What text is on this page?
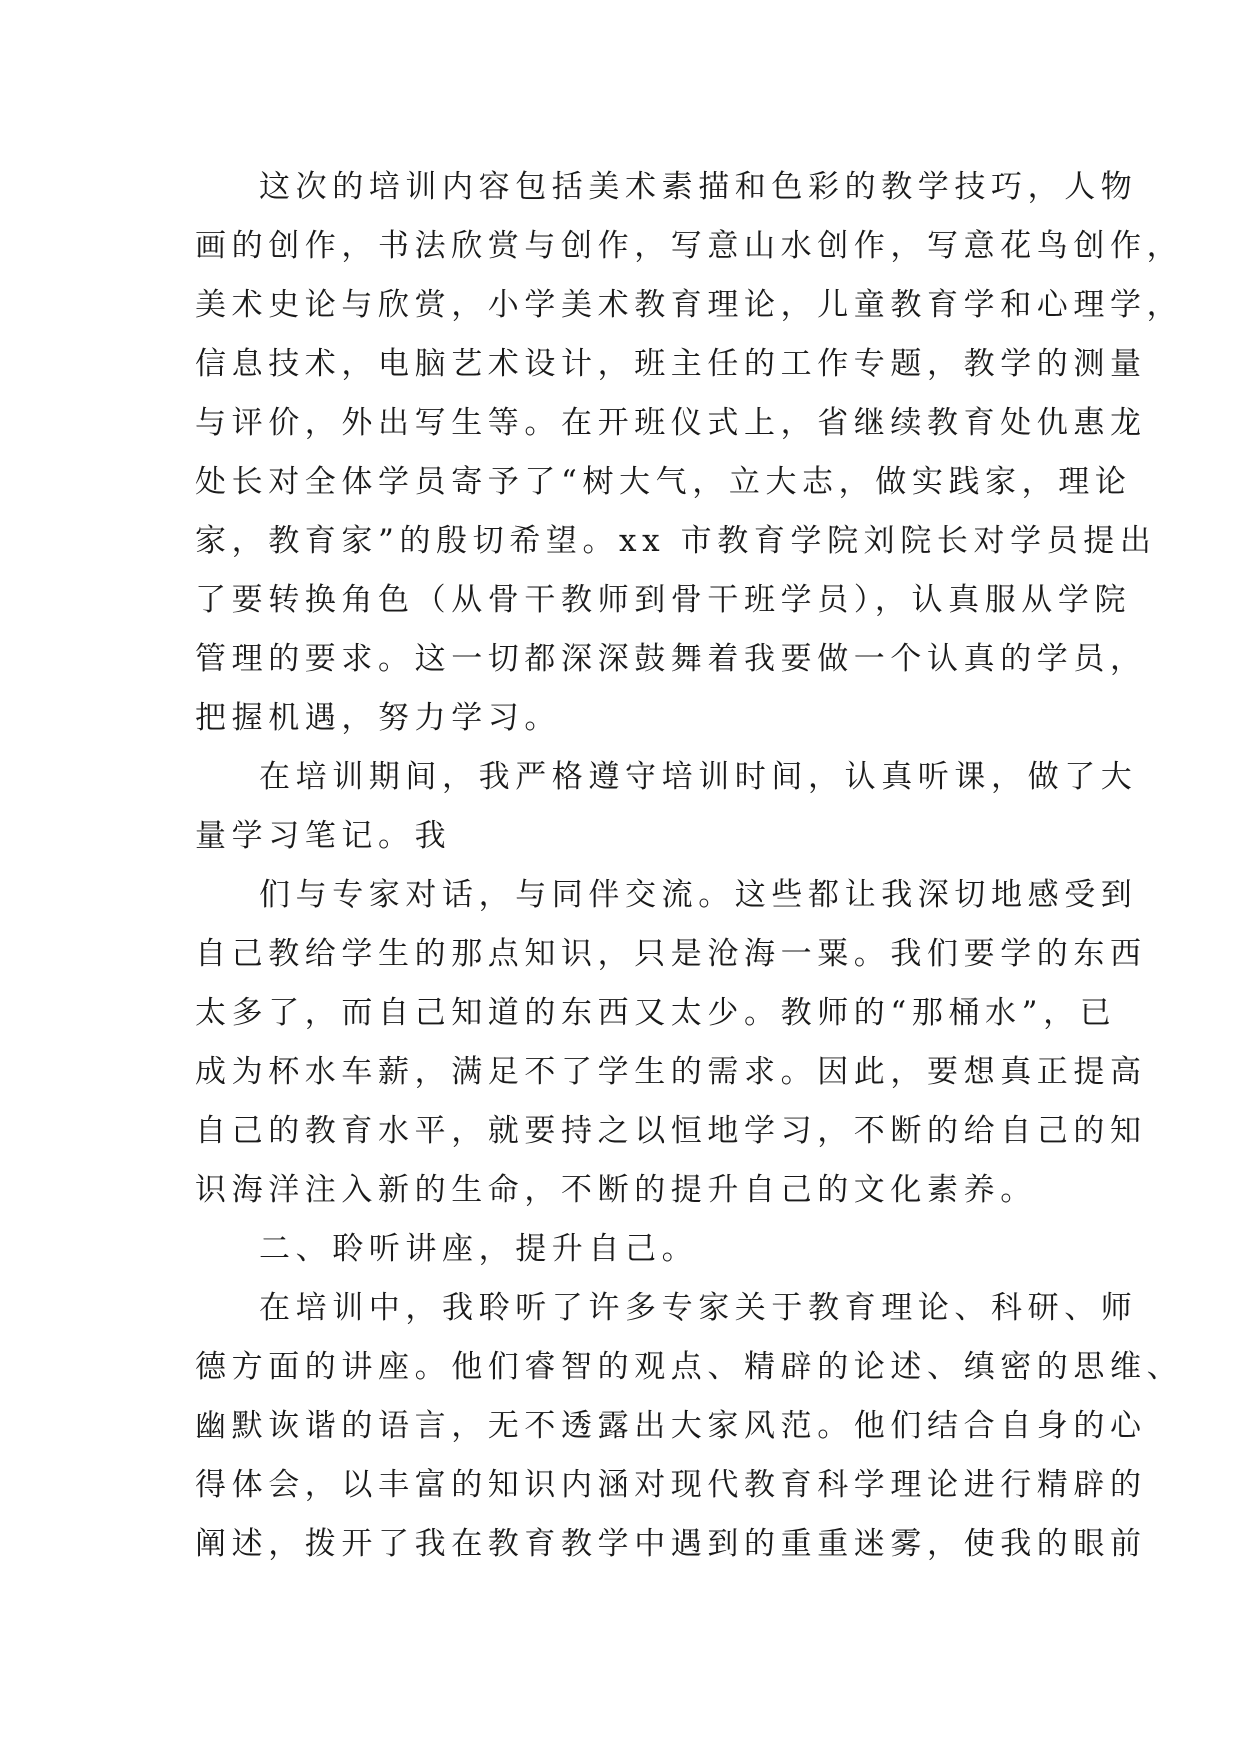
这次的培训内容包括美术素描和色彩的教学技巧，人物
画的创作，书法欣赏与创作，写意山水创作，写意花鸟创作，
美术史论与欣赏，小学美术教育理论，儿童教育学和心理学，
信息技术，电脑艺术设计，班主任的工作专题，教学的测量
与评价，外出写生等。在开班仪式上，省继续教育处仇惠龙
处长对全体学员寄予了“树大气，立大志，做实践家，理论
家，教育家”的殷切希望。xx 市教育学院刘院长对学员提出
了要转换角色（从骨干教师到骨干班学员），认真服从学院
管理的要求。这一切都深深鼓舞着我要做一个认真的学员，
把握机遇，努力学习。

在培训期间，我严格遵守培训时间，认真听课，做了大
量学习笔记。我

们与专家对话，与同伴交流。这些都让我深切地感受到
自己教给学生的那点知识，只是沧海一粟。我们要学的东西
太多了，而自己知道的东西又太少。教师的“那桶水”，已
成为杯水车薪，满足不了学生的需求。因此，要想真正提高
自己的教育水平，就要持之以恒地学习，不断的给自己的知
识海洋注入新的生命，不断的提升自己的文化素养。

二、聆听讲座，提升自己。

在培训中，我聆听了许多专家关于教育理论、科研、师
德方面的讲座。他们睿智的观点、精辟的论述、缜密的思维、
幽默诙谐的语言，无不透露出大家风范。他们结合自身的心
得体会，以丰富的知识内涵对现代教育科学理论进行精辟的
阐述，拨开了我在教育教学中遇到的重重迷雾，使我的眼前
